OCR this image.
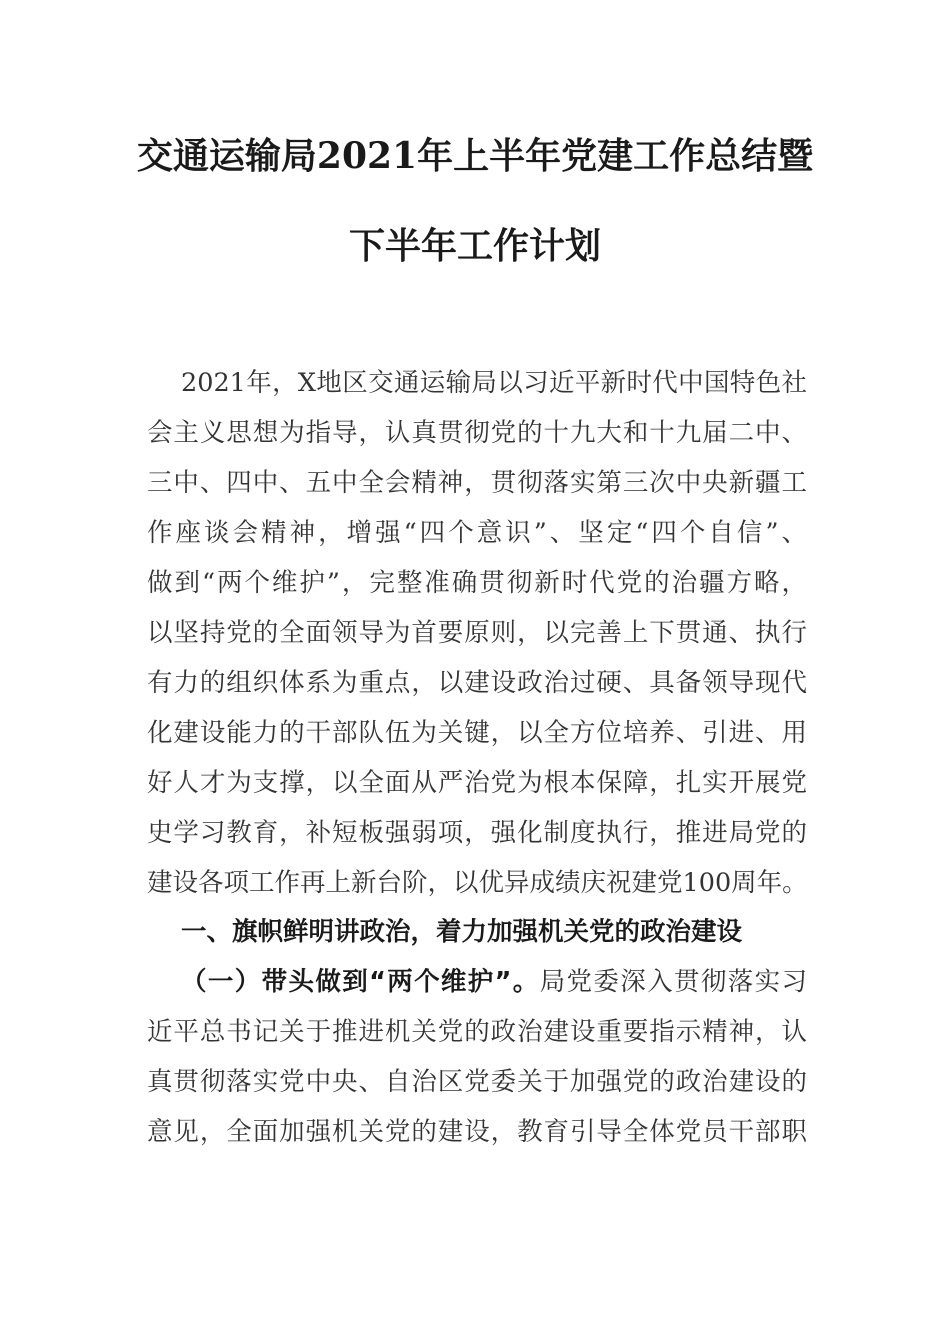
交通运输局2021年上半年党建工作总结暨
下半年工作计划
2021年，X地区交通运输局以习近平新时代中国特色社
会主义思想为指导，认真贯彻党的十九大和十九届二中、
三中、四中、五中全会精神，贯彻落实第三次中央新疆工
作座谈会精神，增强“四个意识”、坚定“四个自信”、
做到“两个维护”，完整准确贯彻新时代党的治疆方略，
以坚持党的全面领导为首要原则，以完善上下贯通、执行
有力的组织体系为重点，以建设政治过硬、具备领导现代
化建设能力的干部队伍为关键，以全方位培养、引进、用
好人才为支撑，以全面从严治党为根本保障，扎实开展党
史学习教育，补短板强弱项，强化制度执行，推进局党的
建设各项工作再上新台阶，以优异成绩庆祝建党100周年。
一、旗帜鲜明讲政治，着力加强机关党的政治建设
（一）带头做到“两个维护”。局党委深入贯彻落实习
近平总书记关于推进机关党的政治建设重要指示精神，认
真贯彻落实党中央、自治区党委关于加强党的政治建设的
意见，全面加强机关党的建设，教育引导全体党员干部职
